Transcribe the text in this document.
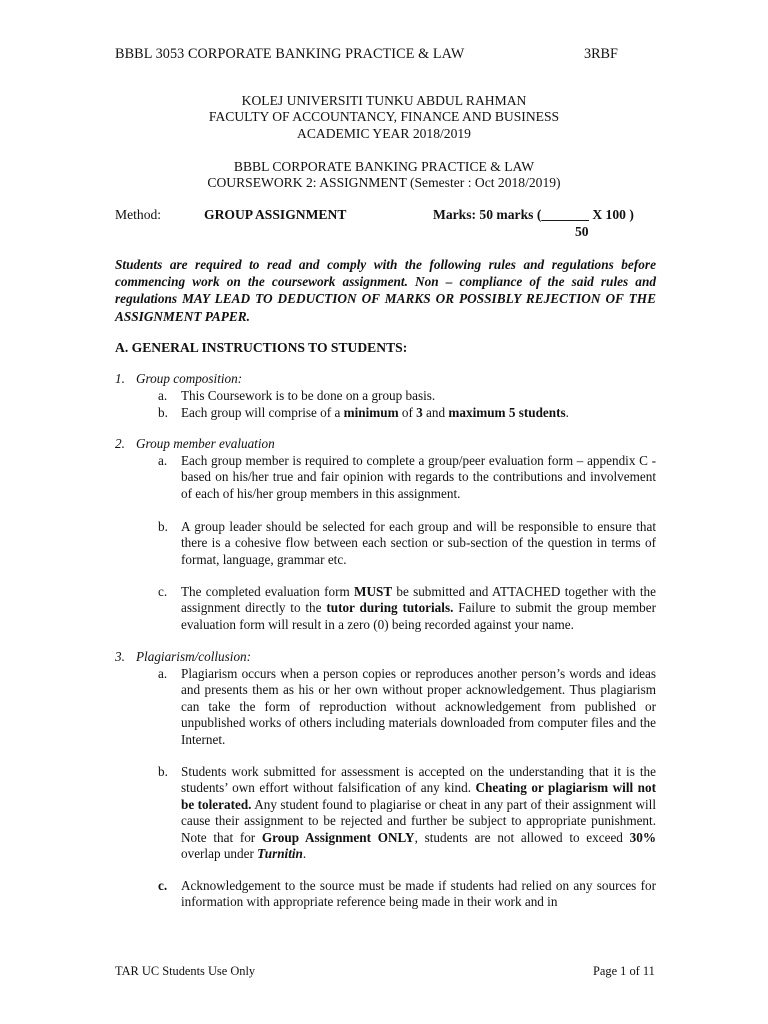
BBBL 3053 CORPORATE BANKING PRACTICE & LAW	3RBF
KOLEJ UNIVERSITI TUNKU ABDUL RAHMAN
FACULTY OF ACCOUNTANCY, FINANCE AND BUSINESS
ACADEMIC YEAR 2018/2019
BBBL CORPORATE BANKING PRACTICE & LAW
COURSEWORK 2: ASSIGNMENT (Semester : Oct 2018/2019)
Method:	GROUP ASSIGNMENT	Marks: 50 marks (_______ X 100 )
50
Students are required to read and comply with the following rules and regulations before commencing work on the coursework assignment. Non – compliance of the said rules and regulations MAY LEAD TO DEDUCTION OF MARKS OR POSSIBLY REJECTION OF THE ASSIGNMENT PAPER.
A. GENERAL INSTRUCTIONS TO STUDENTS:
1. Group composition:
a. This Coursework is to be done on a group basis.
b. Each group will comprise of a minimum of 3 and maximum 5 students.
2. Group member evaluation
a. Each group member is required to complete a group/peer evaluation form – appendix C - based on his/her true and fair opinion with regards to the contributions and involvement of each of his/her group members in this assignment.
b. A group leader should be selected for each group and will be responsible to ensure that there is a cohesive flow between each section or sub-section of the question in terms of format, language, grammar etc.
c. The completed evaluation form MUST be submitted and ATTACHED together with the assignment directly to the tutor during tutorials. Failure to submit the group member evaluation form will result in a zero (0) being recorded against your name.
3. Plagiarism/collusion:
a. Plagiarism occurs when a person copies or reproduces another person’s words and ideas and presents them as his or her own without proper acknowledgement. Thus plagiarism can take the form of reproduction without acknowledgement from published or unpublished works of others including materials downloaded from computer files and the Internet.
b. Students work submitted for assessment is accepted on the understanding that it is the students’ own effort without falsification of any kind. Cheating or plagiarism will not be tolerated. Any student found to plagiarise or cheat in any part of their assignment will cause their assignment to be rejected and further be subject to appropriate punishment. Note that for Group Assignment ONLY, students are not allowed to exceed 30% overlap under Turnitin.
c. Acknowledgement to the source must be made if students had relied on any sources for information with appropriate reference being made in their work and in
TAR UC Students Use Only	Page 1 of 11
